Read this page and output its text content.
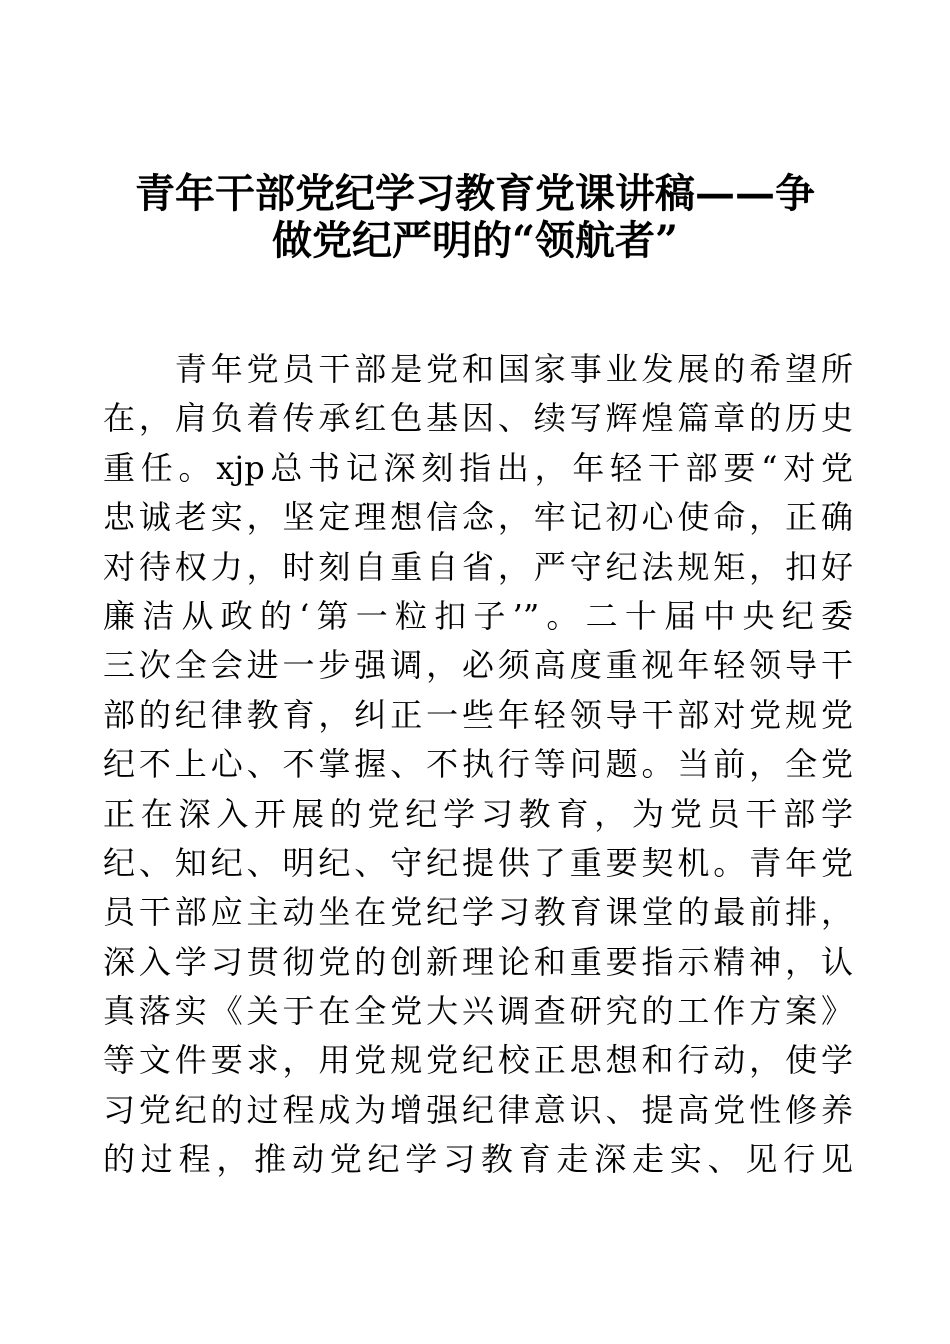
青年干部党纪学习教育党课讲稿——争
做党纪严明的“领航者”
　　青年党员干部是党和国家事业发展的希望所
在，肩负着传承红色基因、续写辉煌篇章的历史
重任。xjp总书记深刻指出，年轻干部要“对党
忠诚老实，坚定理想信念，牢记初心使命，正确
对待权力，时刻自重自省，严守纪法规矩，扣好
廉洁从政的‘第一粒扣子’”。二十届中央纪委
三次全会进一步强调，必须高度重视年轻领导干
部的纪律教育，纠正一些年轻领导干部对党规党
纪不上心、不掌握、不执行等问题。当前，全党
正在深入开展的党纪学习教育，为党员干部学
纪、知纪、明纪、守纪提供了重要契机。青年党
员干部应主动坐在党纪学习教育课堂的最前排，
深入学习贯彻党的创新理论和重要指示精神，认
真落实《关于在全党大兴调查研究的工作方案》
等文件要求，用党规党纪校正思想和行动，使学
习党纪的过程成为增强纪律意识、提高党性修养
的过程，推动党纪学习教育走深走实、见行见
